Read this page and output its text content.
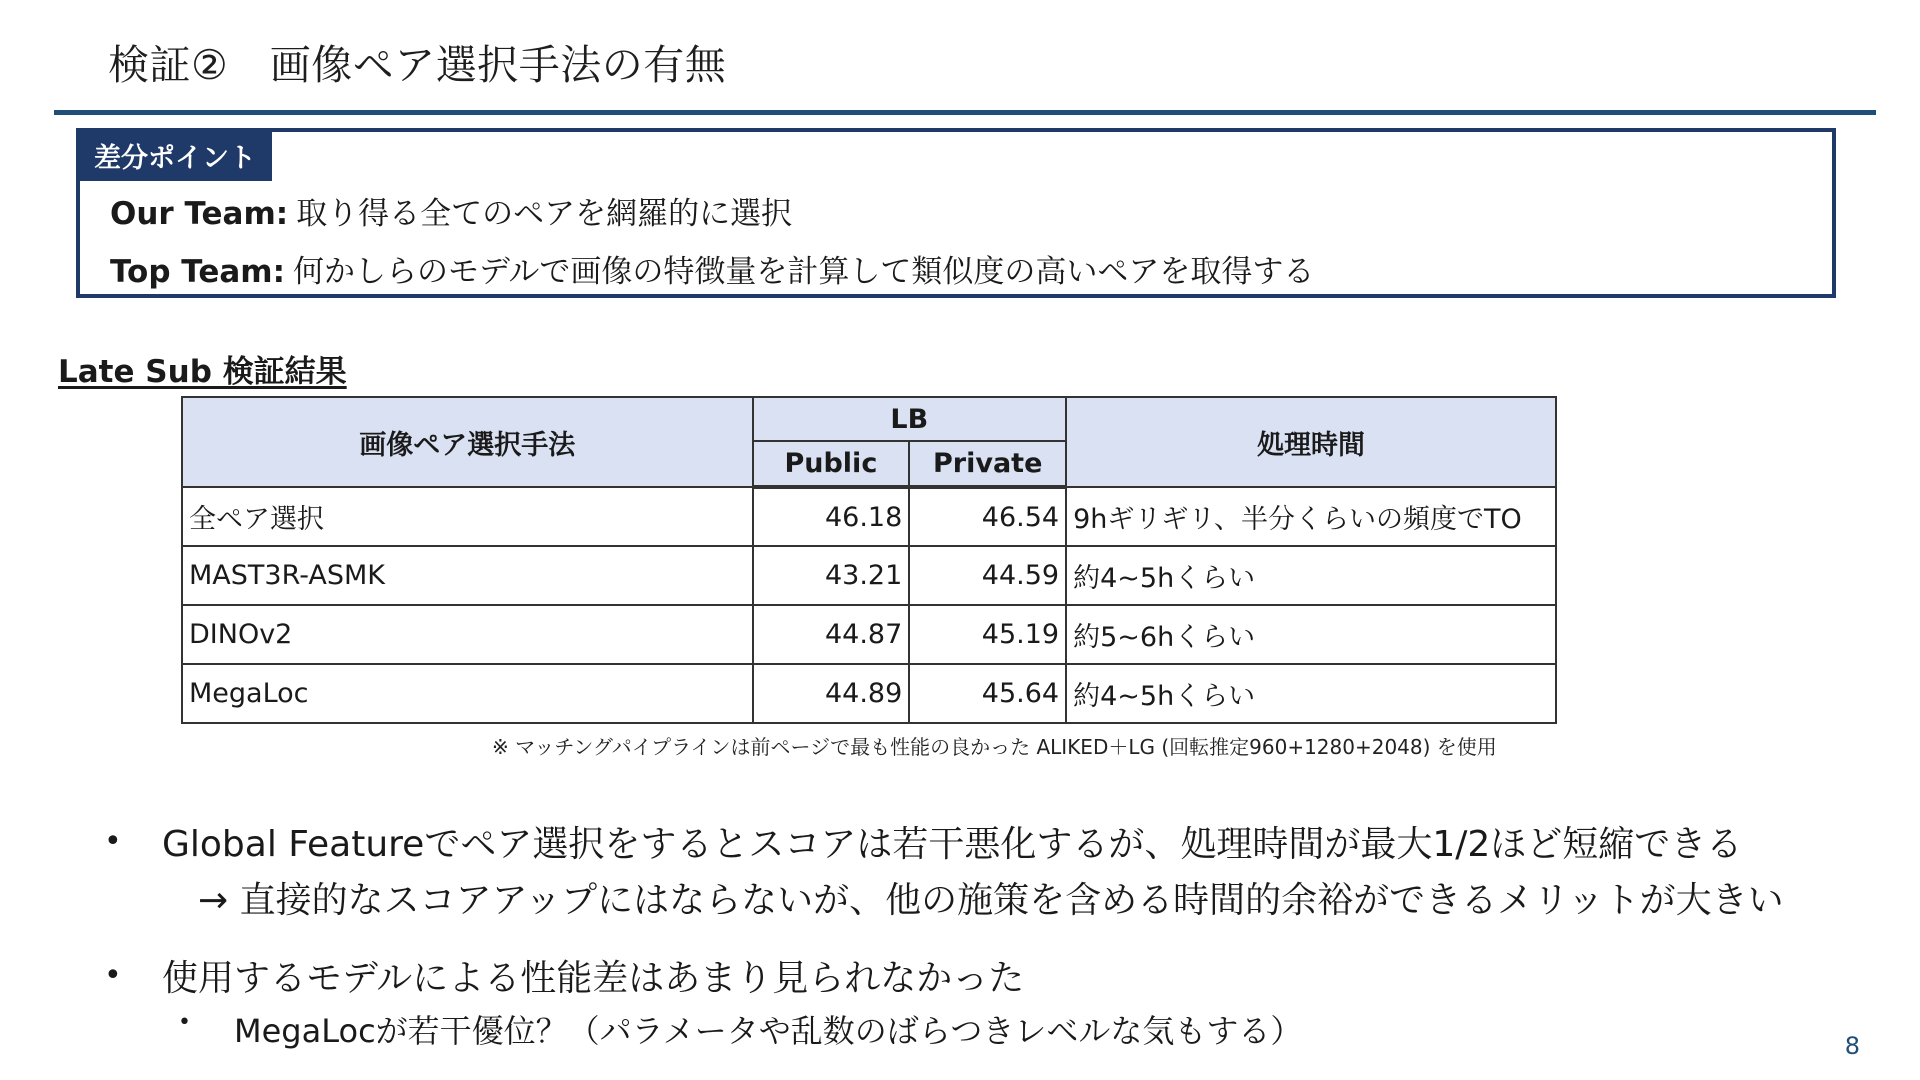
検証②　画像ペア選択手法の有無
差分ポイント
Our Team: 取り得る全てのペアを網羅的に選択
Top Team: 何かしらのモデルで画像の特徴量を計算して類似度の高いペアを取得する
Late Sub 検証結果
画像ペア選択手法	LB		処理時間
	Public	Private	
全ペア選択	46.18	46.54	9hギリギリ、半分くらいの頻度でTO
MAST3R-ASMK	43.21	44.59	約4~5hくらい
DINOv2	44.87	45.19	約5~6hくらい
MegaLoc	44.89	45.64	約4~5hくらい
※ マッチングパイプラインは前ページで最も性能の良かった ALIKED＋LG (回転推定960+1280+2048) を使用
• Global Featureでペア選択をするとスコアは若干悪化するが、処理時間が最大1/2ほど短縮できる
→ 直接的なスコアアップにはならないが、他の施策を含める時間的余裕ができるメリットが大きい
• 使用するモデルによる性能差はあまり見られなかった
• MegaLocが若干優位？（パラメータや乱数のばらつきレベルな気もする）	8
